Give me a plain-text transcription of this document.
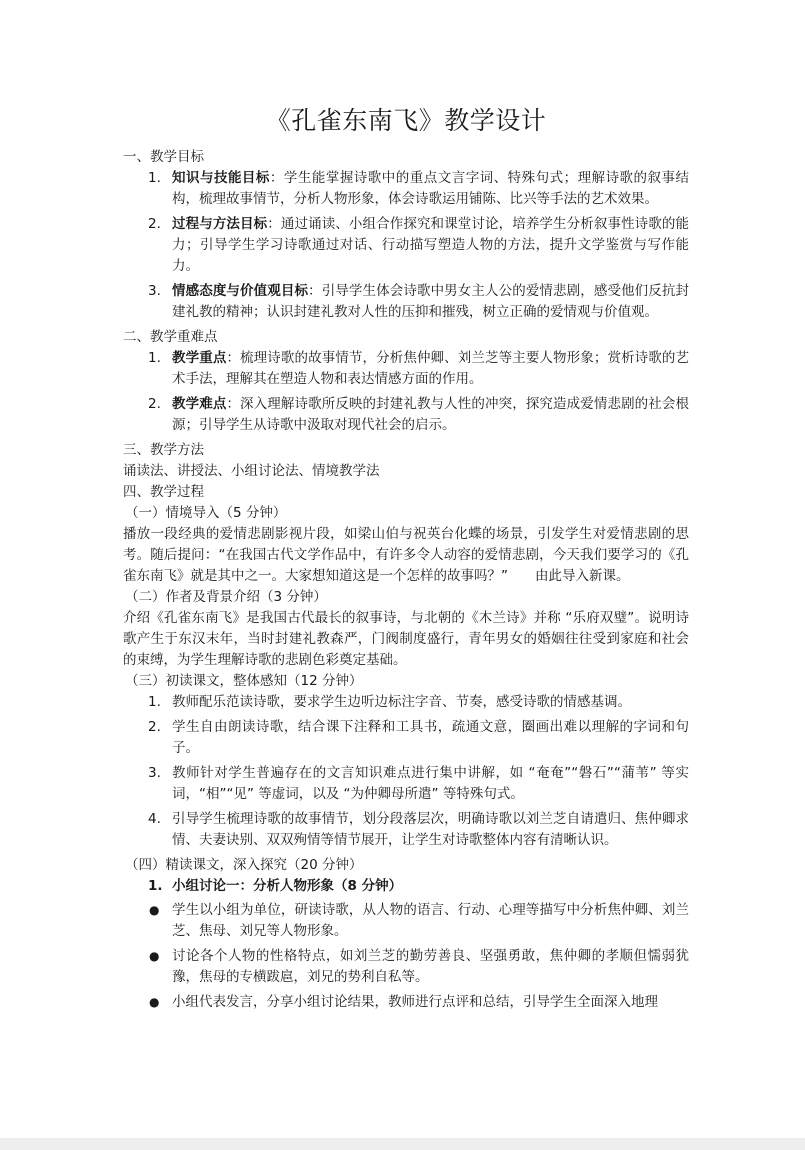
《孔雀东南飞》教学设计
一、教学目标
1. 知识与技能目标：学生能掌握诗歌中的重点文言字词、特殊句式；理解诗歌的叙事结构，梳理故事情节，分析人物形象，体会诗歌运用铺陈、比兴等手法的艺术效果。
2. 过程与方法目标：通过诵读、小组合作探究和课堂讨论，培养学生分析叙事性诗歌的能力；引导学生学习诗歌通过对话、行动描写塑造人物的方法，提升文学鉴赏与写作能力。
3. 情感态度与价值观目标：引导学生体会诗歌中男女主人公的爱情悲剧，感受他们反抗封建礼教的精神；认识封建礼教对人性的压抑和摧残，树立正确的爱情观与价值观。
二、教学重难点
1. 教学重点：梳理诗歌的故事情节，分析焦仲卿、刘兰芝等主要人物形象；赏析诗歌的艺术手法，理解其在塑造人物和表达情感方面的作用。
2. 教学难点：深入理解诗歌所反映的封建礼教与人性的冲突，探究造成爱情悲剧的社会根源；引导学生从诗歌中汲取对现代社会的启示。
三、教学方法
诵读法、讲授法、小组讨论法、情境教学法
四、教学过程
（一）情境导入（5 分钟）
播放一段经典的爱情悲剧影视片段，如梁山伯与祝英台化蝶的场景，引发学生对爱情悲剧的思考。随后提问：“在我国古代文学作品中，有许多令人动容的爱情悲剧，今天我们要学习的《孔雀东南飞》就是其中之一。大家想知道这是一个怎样的故事吗？”　　由此导入新课。
（二）作者及背景介绍（3 分钟）
介绍《孔雀东南飞》是我国古代最长的叙事诗，与北朝的《木兰诗》并称 “乐府双璧”。说明诗歌产生于东汉末年，当时封建礼教森严，门阀制度盛行，青年男女的婚姻往往受到家庭和社会的束缚，为学生理解诗歌的悲剧色彩奠定基础。
（三）初读课文，整体感知（12 分钟）
1. 教师配乐范读诗歌，要求学生边听边标注字音、节奏，感受诗歌的情感基调。
2. 学生自由朗读诗歌，结合课下注释和工具书，疏通文意，圈画出难以理解的字词和句子。
3. 教师针对学生普遍存在的文言知识难点进行集中讲解，如 “奄奄”“磐石”“蒲苇” 等实词，“相”“见” 等虚词，以及 “为仲卿母所遣” 等特殊句式。
4. 引导学生梳理诗歌的故事情节，划分段落层次，明确诗歌以刘兰芝自请遣归、焦仲卿求情、夫妻诀别、双双殉情等情节展开，让学生对诗歌整体内容有清晰认识。
（四）精读课文，深入探究（20 分钟）
1. 小组讨论一：分析人物形象（8 分钟）
● 学生以小组为单位，研读诗歌，从人物的语言、行动、心理等描写中分析焦仲卿、刘兰芝、焦母、刘兄等人物形象。
● 讨论各个人物的性格特点，如刘兰芝的勤劳善良、坚强勇敢，焦仲卿的孝顺但懦弱犹豫，焦母的专横跋扈，刘兄的势利自私等。
● 小组代表发言，分享小组讨论结果，教师进行点评和总结，引导学生全面深入地理
